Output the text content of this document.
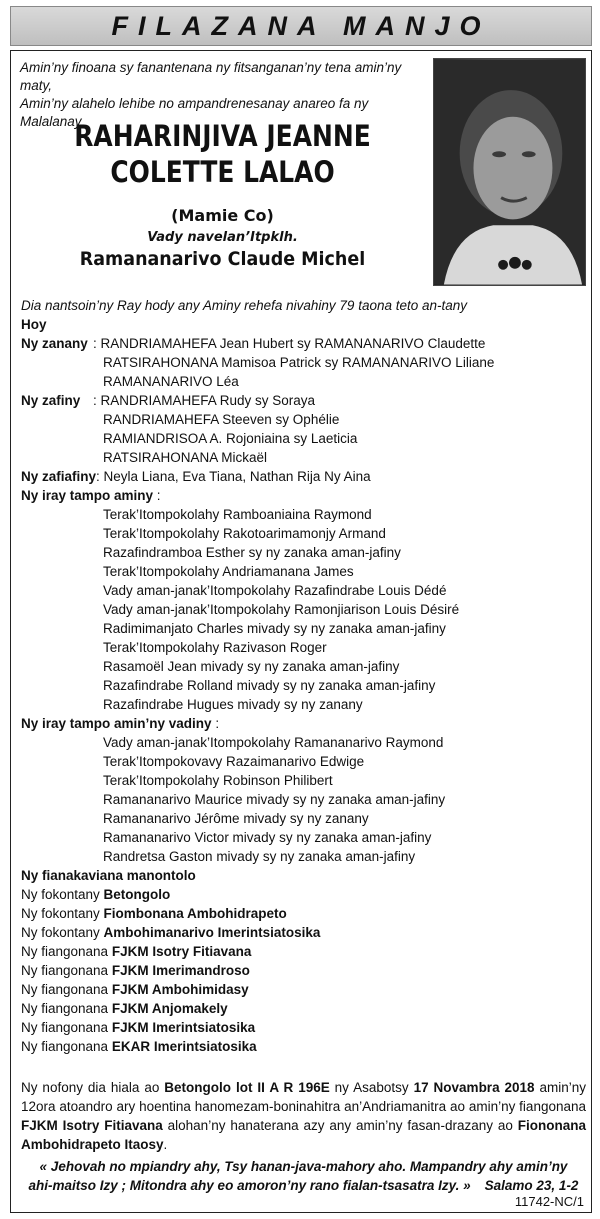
FILAZANA MANJO
Amin’ny finoana sy fanantenana ny fitsanganan’ny tena amin’ny maty,
Amin’ny alahelo lehibe no ampandrenesanay anareo fa ny Malalanay
RAHARINJIVA JEANNE
COLETTE LALAO
(Mamie Co)
Vady navelan’Itpklh.
Ramananarivo Claude Michel
Dia nantsoin’ny Ray hody any Aminy rehefa nivahiny 79 taona teto an-tany
Hoy
Ny zanany : RANDRIAMAHEFA Jean Hubert sy RAMANANARIVO Claudette
RATSIRAHONANA Mamisoa Patrick sy RAMANANARIVO Liliane
RAMANANARIVO Léa
Ny zafiny : RANDRIAMAHEFA Rudy sy Soraya
RANDRIAMAHEFA Steeven sy Ophélie
RAMIANDRISOA A. Rojoniaina sy Laeticia
RATSIRAHONANA Mickaël
Ny zafiafiny : Neyla Liana, Eva Tiana, Nathan Rija Ny Aina
Ny iray tampo aminy :
Terak’Itompokolahy Ramboaniaina Raymond
Terak’Itompokolahy Rakotoarimamonjy Armand
Razafindramboa Esther sy ny zanaka aman-jafiny
Terak’Itompokolahy Andriamanana James
Vady aman-janak’Itompokolahy Razafindrabe Louis Dédé
Vady aman-janak’Itompokolahy Ramonjiarison Louis Désiré
Radimimanjato Charles mivady sy ny zanaka aman-jafiny
Terak’Itompokolahy Razivason Roger
Rasamoël Jean mivady sy ny zanaka aman-jafiny
Razafindrabe Rolland mivady sy ny zanaka aman-jafiny
Razafindrabe Hugues mivady sy ny zanany
Ny iray tampo amin’ny vadiny :
Vady aman-janak’Itompokolahy Ramananarivo Raymond
Terak’Itompokovavy Razaimanarivo Edwige
Terak’Itompokolahy Robinson Philibert
Ramananarivo Maurice mivady sy ny zanaka aman-jafiny
Ramananarivo Jérôme mivady sy ny zanany
Ramananarivo Victor mivady sy ny zanaka aman-jafiny
Randretsa Gaston mivady sy ny zanaka aman-jafiny
Ny fianakaviana manontolo
Ny fokontany Betongolo
Ny fokontany Fiombonana Ambohidrapeto
Ny fokontany Ambohimanarivo Imerintsiatosika
Ny fiangonana FJKM Isotry Fitiavana
Ny fiangonana FJKM Imerimandroso
Ny fiangonana FJKM Ambohimidasy
Ny fiangonana FJKM Anjomakely
Ny fiangonana FJKM Imerintsiatosika
Ny fiangonana EKAR Imerintsiatosika
Ny nofony dia hiala ao Betongolo lot II A R 196E ny Asabotsy 17 Novambra 2018 amin’ny 12ora atoandro ary hoentina hanomezam-boninahitra an’Andriamanitra ao amin’ny fiangonana FJKM Isotry Fitiavana alohan’ny hanaterana azy any amin’ny fasan-drazany ao Fiononana Ambohidrapeto Itaosy.
« Jehovah no mpiandry ahy, Tsy hanan-java-mahory aho. Mampandry ahy amin’ny
ahi-maitso Izy ; Mitondra ahy eo amoron’ny rano fialan-tsasatra Izy. » Salamo 23, 1-2
11742-NC/1
